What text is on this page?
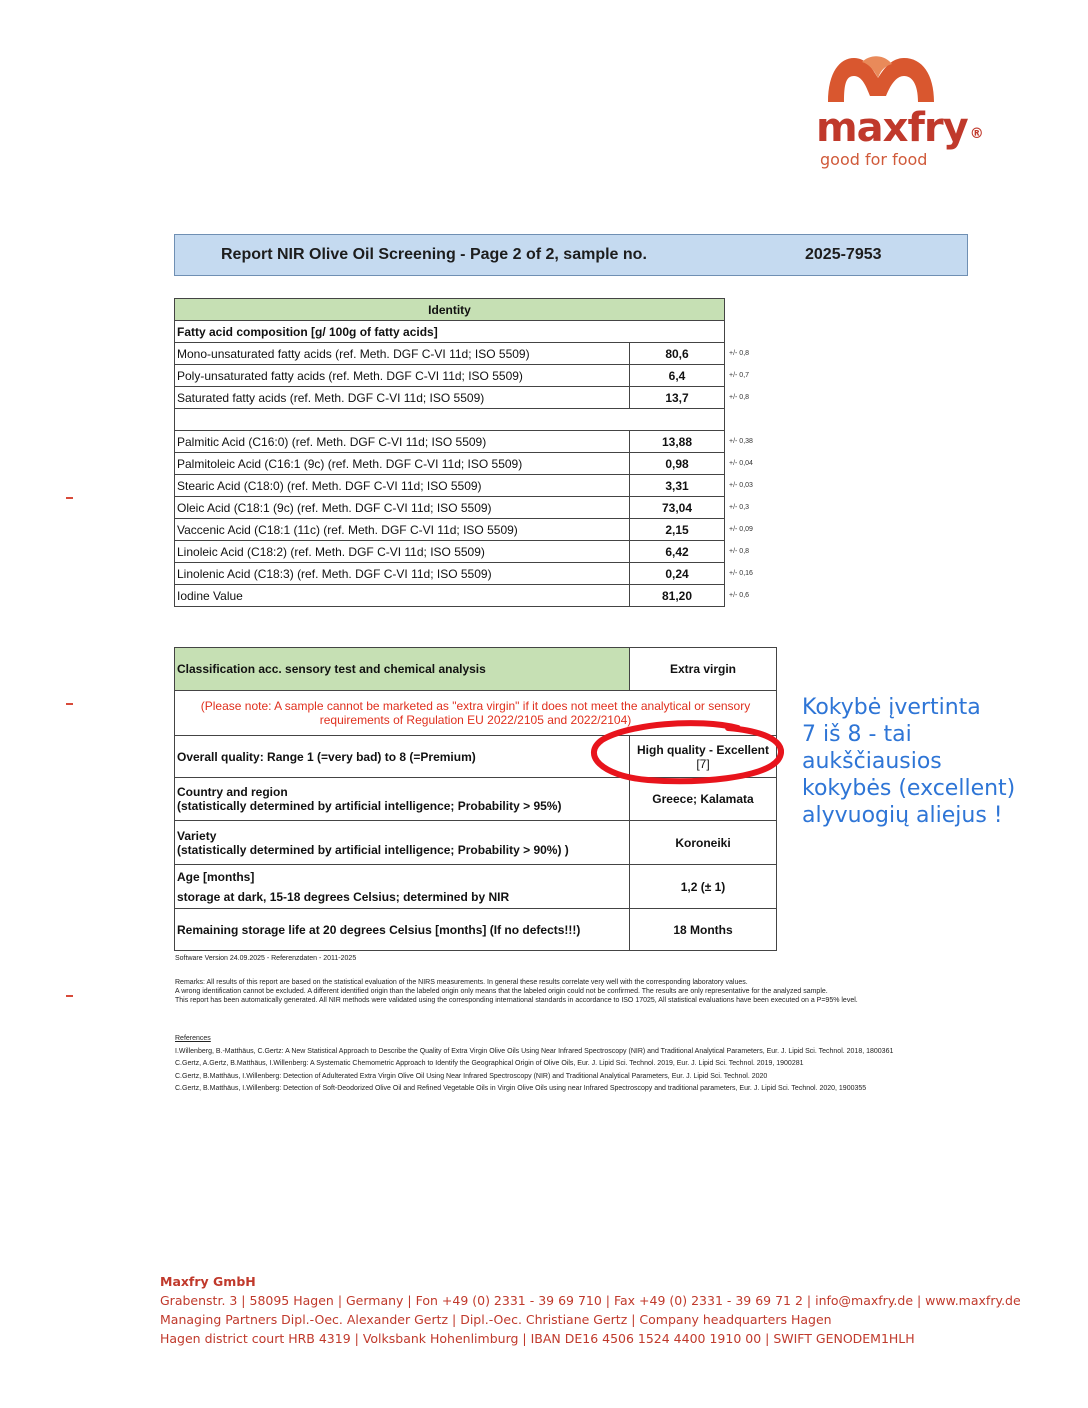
maxfry ®
good for food
Report NIR Olive Oil Screening - Page 2 of 2, sample no.	2025-7953
Identity		
Fatty acid composition [g/ 100g of fatty acids]		
Mono-unsaturated fatty acids (ref. Meth. DGF C-VI 11d; ISO 5509)	80,6	+/- 0,8
Poly-unsaturated fatty acids (ref. Meth. DGF C-VI 11d; ISO 5509)	6,4	+/- 0,7
Saturated fatty acids (ref. Meth. DGF C-VI 11d; ISO 5509)	13,7	+/- 0,8

Palmitic Acid (C16:0) (ref. Meth. DGF C-VI 11d; ISO 5509)	13,88	+/- 0,38
Palmitoleic Acid (C16:1 (9c) (ref. Meth. DGF C-VI 11d; ISO 5509)	0,98	+/- 0,04
Stearic Acid (C18:0) (ref. Meth. DGF C-VI 11d; ISO 5509)	3,31	+/- 0,03
Oleic Acid (C18:1 (9c) (ref. Meth. DGF C-VI 11d; ISO 5509)	73,04	+/- 0,3
Vaccenic Acid (C18:1 (11c) (ref. Meth. DGF C-VI 11d; ISO 5509)	2,15	+/- 0,09
Linoleic Acid (C18:2) (ref. Meth. DGF C-VI 11d; ISO 5509)	6,42	+/- 0,8
Linolenic Acid (C18:3) (ref. Meth. DGF C-VI 11d; ISO 5509)	0,24	+/- 0,16
Iodine Value	81,20	+/- 0,6
Classification acc. sensory test and chemical analysis	Extra virgin

(Please note: A sample cannot be marketed as "extra virgin" if it does not meet the analytical or sensory
requirements of Regulation EU 2022/2105 and 2022/2104)	

Overall quality: Range 1 (=very bad) to 8 (=Premium)	High quality - Excellent
[7]

Country and region
(statistically determined by artificial intelligence; Probability > 95%)	Greece; Kalamata

Variety
(statistically determined by artificial intelligence; Probability > 90%) )	Koroneiki

Age [months]
storage at dark, 15-18 degrees Celsius; determined by NIR	1,2 (± 1)
Remaining storage life at 20 degrees Celsius [months] (If no defects!!!)	18 Months
Kokybė įvertinta
7 iš 8 - tai
aukščiausios
kokybės (excellent)
alyvuogių aliejus !
Software Version 24.09.2025 - Referenzdaten - 2011-2025
Remarks: All results of this report are based on the statistical evaluation of the NIRS measurements. In general these results correlate very well with the corresponding laboratory values.
A wrong identification cannot be excluded. A different identified origin than the labeled origin only means that the labeled origin could not be confirmed. The results are only representative for the analyzed sample.
This report has been automatically generated. All NIR methods were validated using the corresponding international standards in accordance to ISO 17025, All statistical evaluations have been executed on a P=95% level.
References
I.Willenberg, B.-Matthäus, C.Gertz: A New Statistical Approach to Describe the Quality of Extra Virgin Olive Oils Using Near Infrared Spectroscopy (NIR) and Traditional Analytical Parameters, Eur. J. Lipid Sci. Technol. 2018, 1800361
C.Gertz, A.Gertz, B.Matthäus, I.Willenberg: A Systematic Chemometric Approach to Identify the Geographical Origin of Olive Oils, Eur. J. Lipid Sci. Technol. 2019, Eur. J. Lipid Sci. Technol. 2019, 1900281
C.Gertz, B.Matthäus, I.Willenberg: Detection of Adulterated Extra Virgin Olive Oil Using Near Infrared Spectroscopy (NIR) and Traditional Analytical Parameters, Eur. J. Lipid Sci. Technol. 2020
C.Gertz, B.Matthäus, I.Willenberg: Detection of Soft-Deodorized Olive Oil and Refined Vegetable Oils in Virgin Olive Oils using near Infrared Spectroscopy and traditional parameters, Eur. J. Lipid Sci. Technol. 2020, 1900355
Maxfry GmbH
Grabenstr. 3 | 58095 Hagen | Germany | Fon +49 (0) 2331 - 39 69 710 | Fax +49 (0) 2331 - 39 69 71 2 | info@maxfry.de | www.maxfry.de
Managing Partners Dipl.-Oec. Alexander Gertz | Dipl.-Oec. Christiane Gertz | Company headquarters Hagen
Hagen district court HRB 4319 | Volksbank Hohenlimburg | IBAN DE16 4506 1524 4400 1910 00 | SWIFT GENODEM1HLH
